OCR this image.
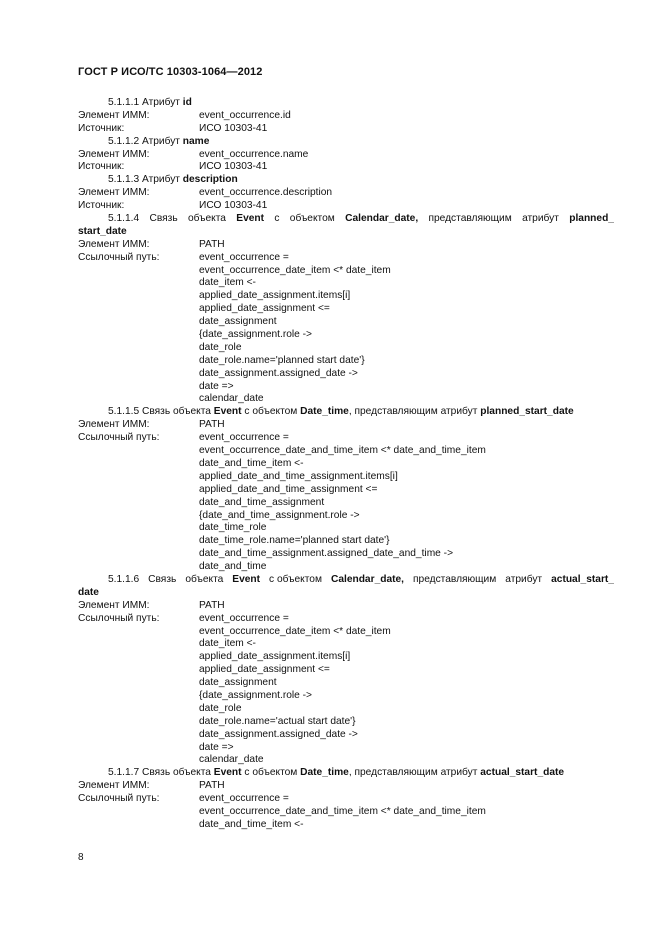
ГОСТ Р ИСО/ТС 10303-1064—2012
5.1.1.1 Атрибут id
Элемент ИММ:	event_occurrence.id
Источник:	ИСО 10303-41
5.1.1.2 Атрибут name
Элемент ИММ:	event_occurrence.name
Источник:	ИСО 10303-41
5.1.1.3 Атрибут description
Элемент ИММ:	event_occurrence.description
Источник:	ИСО 10303-41
5.1.1.4 Связь объекта Event с объектом Calendar_date, представляющим атрибут planned_
start_date
Элемент ИММ:	PATH
Ссылочный путь:	event_occurrence =
event_occurrence_date_item <* date_item
date_item <-
applied_date_assignment.items[i]
applied_date_assignment <=
date_assignment
{date_assignment.role ->
date_role
date_role.name='planned start date'}
date_assignment.assigned_date ->
date =>
calendar_date
5.1.1.5 Связь объекта Event с объектом Date_time, представляющим атрибут planned_start_date
Элемент ИММ:	PATH
Ссылочный путь:	event_occurrence =
event_occurrence_date_and_time_item <* date_and_time_item
date_and_time_item <-
applied_date_and_time_assignment.items[i]
applied_date_and_time_assignment <=
date_and_time_assignment
{date_and_time_assignment.role ->
date_time_role
date_time_role.name='planned start date'}
date_and_time_assignment.assigned_date_and_time ->
date_and_time
5.1.1.6 Связь объекта Event с объектом Calendar_date, представляющим атрибут actual_start_
date
Элемент ИММ:	PATH
Ссылочный путь:	event_occurrence =
event_occurrence_date_item <* date_item
date_item <-
applied_date_assignment.items[i]
applied_date_assignment <=
date_assignment
{date_assignment.role ->
date_role
date_role.name='actual start date'}
date_assignment.assigned_date ->
date =>
calendar_date
5.1.1.7 Связь объекта Event с объектом Date_time, представляющим атрибут actual_start_date
Элемент ИММ:	PATH
Ссылочный путь:	event_occurrence =
event_occurrence_date_and_time_item <* date_and_time_item
date_and_time_item <-
8
